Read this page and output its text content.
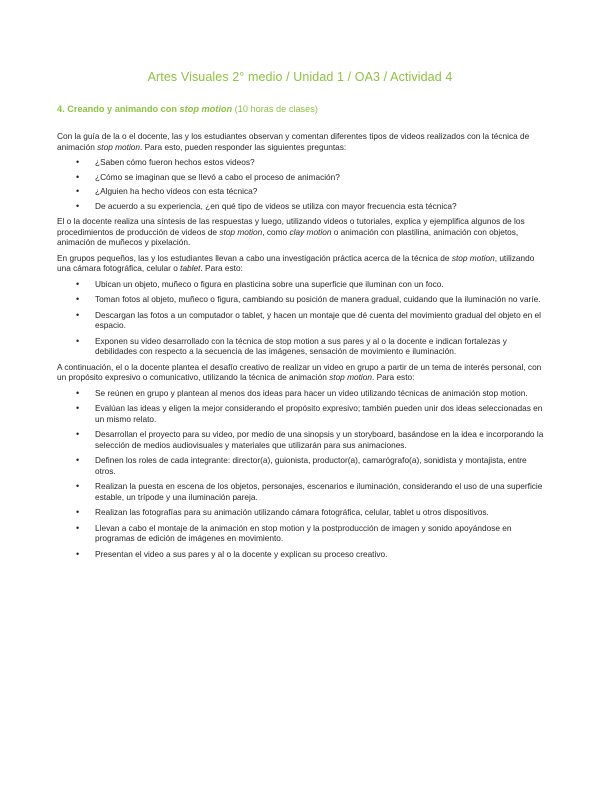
Artes Visuales 2° medio / Unidad 1 / OA3 / Actividad 4
4. Creando y animando con stop motion (10 horas de clases)

Con la guía de la o el docente, las y los estudiantes observan y comentan diferentes tipos de videos realizados con la técnica de animación stop motion. Para esto, pueden responder las siguientes preguntas:

• ¿Saben cómo fueron hechos estos videos?
• ¿Cómo se imaginan que se llevó a cabo el proceso de animación?
• ¿Alguien ha hecho videos con esta técnica?
• De acuerdo a su experiencia, ¿en qué tipo de videos se utiliza con mayor frecuencia esta técnica?

El o la docente realiza una síntesis de las respuestas y luego, utilizando videos o tutoriales, explica y ejemplifica algunos de los procedimientos de producción de videos de stop motion, como clay motion o animación con plastilina, animación con objetos, animación de muñecos y pixelación.

En grupos pequeños, las y los estudiantes llevan a cabo una investigación práctica acerca de la técnica de stop motion, utilizando una cámara fotográfica, celular o tablet. Para esto:

• Ubican un objeto, muñeco o figura en plasticina sobre una superficie que iluminan con un foco.
• Toman fotos al objeto, muñeco o figura, cambiando su posición de manera gradual, cuidando que la iluminación no varíe.
• Descargan las fotos a un computador o tablet, y hacen un montaje que dé cuenta del movimiento gradual del objeto en el espacio.
• Exponen su video desarrollado con la técnica de stop motion a sus pares y al o la docente e indican fortalezas y debilidades con respecto a la secuencia de las imágenes, sensación de movimiento e iluminación.

A continuación, el o la docente plantea el desafío creativo de realizar un video en grupo a partir de un tema de interés personal, con un propósito expresivo o comunicativo, utilizando la técnica de animación stop motion. Para esto:

• Se reúnen en grupo y plantean al menos dos ideas para hacer un video utilizando técnicas de animación stop motion.
• Evalúan las ideas y eligen la mejor considerando el propósito expresivo; también pueden unir dos ideas seleccionadas en un mismo relato.
• Desarrollan el proyecto para su video, por medio de una sinopsis y un storyboard, basándose en la idea e incorporando la selección de medios audiovisuales y materiales que utilizarán para sus animaciones.
• Definen los roles de cada integrante: director(a), guionista, productor(a), camarógrafo(a), sonidista y montajista, entre otros.
• Realizan la puesta en escena de los objetos, personajes, escenarios e iluminación, considerando el uso de una superficie estable, un trípode y una iluminación pareja.
• Realizan las fotografías para su animación utilizando cámara fotográfica, celular, tablet u otros dispositivos.
• Llevan a cabo el montaje de la animación en stop motion y la postproducción de imagen y sonido apoyándose en programas de edición de imágenes en movimiento.
• Presentan el video a sus pares y al o la docente y explican su proceso creativo.
